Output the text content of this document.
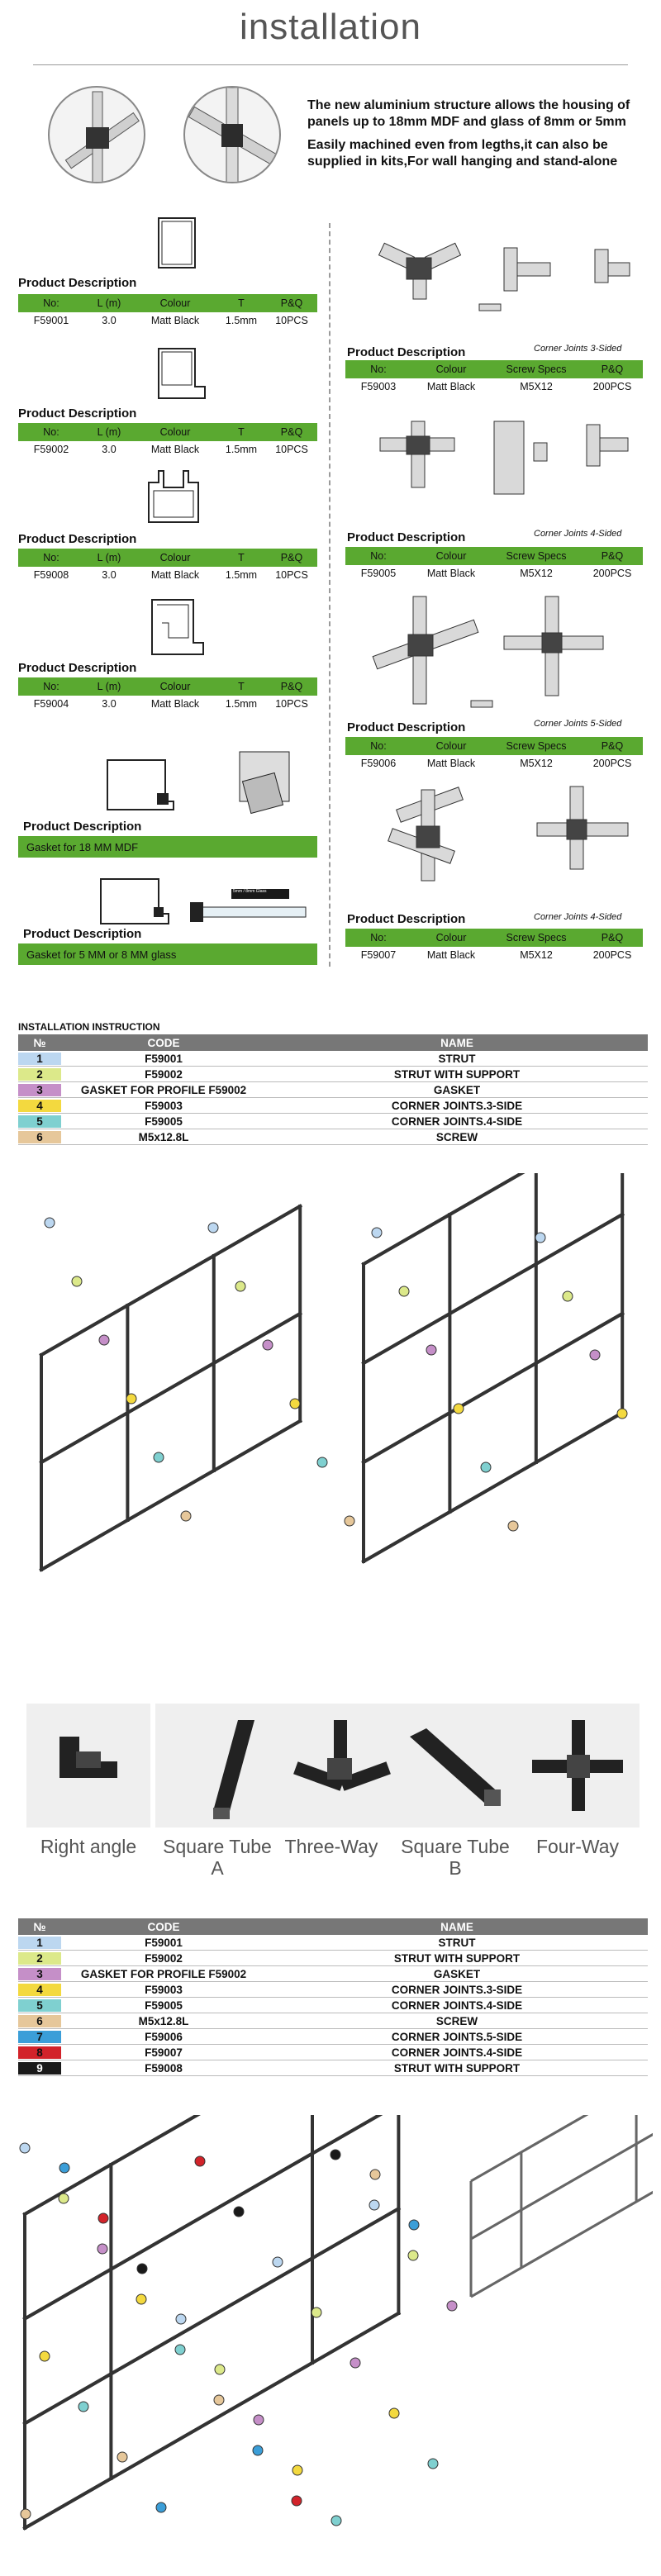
installation

The new aluminium structure allows the housing of panels up to 18mm MDF and glass of 8mm or 5mm

Easily machined even from legths,it can also be supplied in kits,For wall hanging and stand-alone

Product Description
No:	L (m)	Colour	T	P&Q
F59001	3.0	Matt Black	1.5mm	10PCS
Product Description
No:	L (m)	Colour	T	P&Q
F59002	3.0	Matt Black	1.5mm	10PCS
Product Description
No:	L (m)	Colour	T	P&Q
F59008	3.0	Matt Black	1.5mm	10PCS
Product Description
No:	L (m)	Colour	T	P&Q
F59004	3.0	Matt Black	1.5mm	10PCS
Product Description
Gasket for 18 MM MDF
5mm / 8mm Glass
Product Description
Gasket for 5 MM or 8 MM glass
Corner Joints 3-Sided
Product Description
No:	Colour	Screw Specs	P&Q
F59003	Matt Black	M5X12	200PCS
Corner Joints 4-Sided
Product Description
No:	Colour	Screw Specs	P&Q
F59005	Matt Black	M5X12	200PCS
Corner Joints 5-Sided
Product Description
No:	Colour	Screw Specs	P&Q
F59006	Matt Black	M5X12	200PCS
Corner Joints 4-Sided
Product Description
No:	Colour	Screw Specs	P&Q
F59007	Matt Black	M5X12	200PCS
INSTALLATION INSTRUCTION
№	CODE	NAME
1	F59001	STRUT
2	F59002	STRUT WITH SUPPORT
3	GASKET FOR PROFILE F59002	GASKET
4	F59003	CORNER JOINTS.3-SIDE
5	F59005	CORNER JOINTS.4-SIDE
6	M5x12.8L	SCREW
Right angle	Square Tube A
Three-Way	Square Tube B
Four-Way
№	CODE	NAME
1	F59001	STRUT
2	F59002	STRUT WITH SUPPORT
3	GASKET FOR PROFILE F59002	GASKET
4	F59003	CORNER JOINTS.3-SIDE
5	F59005	CORNER JOINTS.4-SIDE
6	M5x12.8L	SCREW
7	F59006	CORNER JOINTS.5-SIDE
8	F59007	CORNER JOINTS.4-SIDE
9	F59008	STRUT WITH SUPPORT
